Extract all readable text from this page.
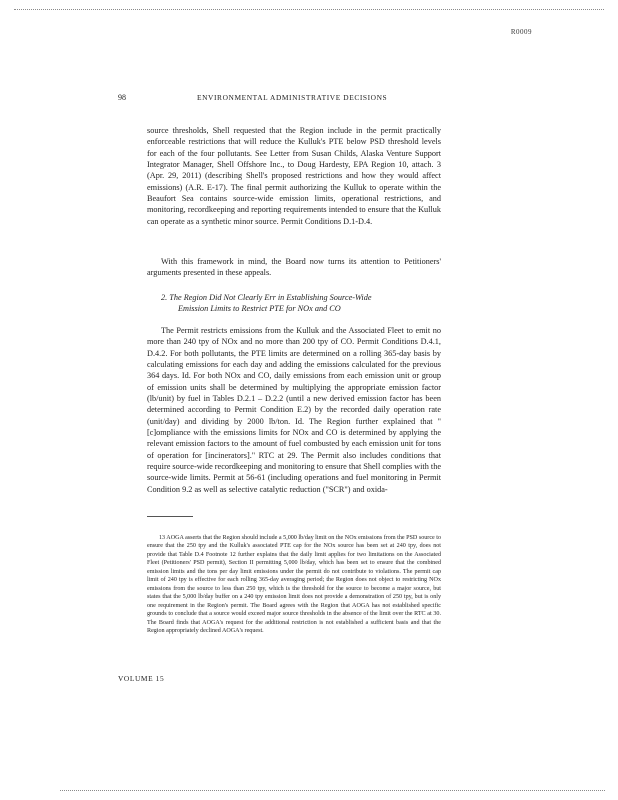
R0009
98	ENVIRONMENTAL ADMINISTRATIVE DECISIONS

source thresholds, Shell requested that the Region include in the permit practically enforceable restrictions that will reduce the Kulluk's PTE below PSD threshold levels for each of the four pollutants. See Letter from Susan Childs, Alaska Venture Support Integrator Manager, Shell Offshore Inc., to Doug Hardesty, EPA Region 10, attach. 3 (Apr. 29, 2011) (describing Shell's proposed restrictions and how they would affect emissions) (A.R. E-17). The final permit authorizing the Kulluk to operate within the Beaufort Sea contains source-wide emission limits, operational restrictions, and monitoring, recordkeeping and reporting requirements intended to ensure that the Kulluk can operate as a synthetic minor source. Permit Conditions D.1-D.4.

With this framework in mind, the Board now turns its attention to Petitioners' arguments presented in these appeals.

2. The Region Did Not Clearly Err in Establishing Source-Wide
Emission Limits to Restrict PTE for NOx and CO

The Permit restricts emissions from the Kulluk and the Associated Fleet to emit no more than 240 tpy of NOx and no more than 200 tpy of CO. Permit Conditions D.4.1, D.4.2. For both pollutants, the PTE limits are determined on a rolling 365-day basis by calculating emissions for each day and adding the emissions calculated for the previous 364 days. Id. For both NOx and CO, daily emissions from each emission unit or group of emission units shall be determined by multiplying the appropriate emission factor (lb/unit) by fuel in Tables D.2.1 – D.2.2 (until a new derived emission factor has been determined according to Permit Condition E.2) by the recorded daily operation rate (unit/day) and dividing by 2000 lb/ton. Id. The Region further explained that "[c]ompliance with the emissions limits for NOx and CO is determined by applying the relevant emission factors to the amount of fuel combusted by each emission unit for tons of operation for [incinerators]." RTC at 29. The Permit also includes conditions that require source-wide recordkeeping and monitoring to ensure that Shell complies with the source-wide limits. Permit at 56-61 (including operations and fuel monitoring in Permit Condition 9.2 as well as selective catalytic reduction ("SCR") and oxida-

13 AOGA asserts that the Region should include a 5,000 lb/day limit on the NOx emissions from the PSD source to ensure that the 250 tpy and the Kulluk's associated PTE cap for the NOx source has been set at 240 tpy, does not provide that Table D.4 Footnote 12 further explains that the daily limit applies for two limitations on the Associated Fleet (Petitioners' PSD permit), Section II permitting 5,000 lb/day, which has been set to ensure that the combined emission limits and the tons per day limit emissions under the permit do not contribute to violations. The permit cap limit of 240 tpy is effective for each rolling 365-day averaging period; the Region does not object to restricting NOx emissions from the source to less than 250 tpy, which is the threshold for the source to become a major source, but states that the 5,000 lb/day buffer on a 240 tpy emission limit does not provide a demonstration of 250 tpy, but is only one requirement in the Region's permit. The Board agrees with the Region that AOGA has not established specific grounds to conclude that a source would exceed major source thresholds in the absence of the limit over the RTC at 30. The Board finds that AOGA's request for the additional restriction is not established a sufficient basis and that the Region appropriately declined AOGA's request.

VOLUME 15
